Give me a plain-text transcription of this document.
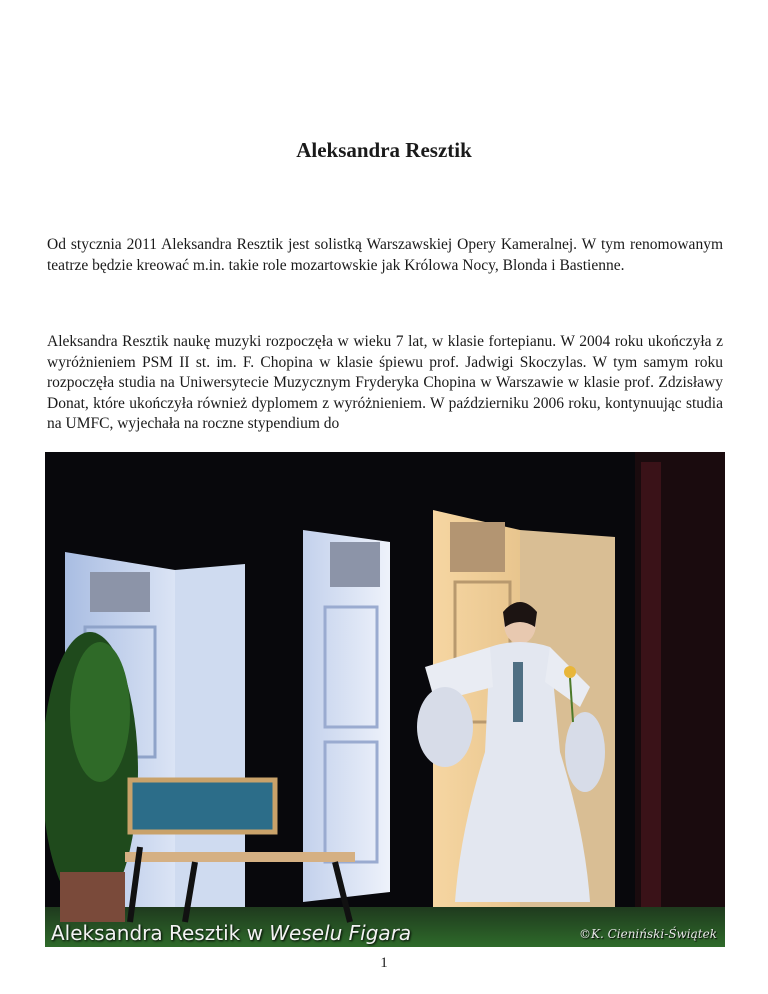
Aleksandra Resztik

Od stycznia 2011 Aleksandra Resztik jest solistką Warszawskiej Opery Kameralnej. W tym renomowanym teatrze będzie kreować m.in. takie role mozartowskie jak Królowa Nocy, Blonda i Bastienne.

Aleksandra Resztik naukę muzyki rozpoczęła w wieku 7 lat, w klasie fortepianu. W 2004 roku ukończyła z wyróżnieniem PSM II st. im. F. Chopina w klasie śpiewu prof. Jadwigi Skoczylas. W tym samym roku rozpoczęła studia na Uniwersytecie Muzycznym Fryderyka Chopina w Warszawie w klasie prof. Zdzisławy Donat, które ukończyła również dyplomem z wyróżnieniem. W październiku 2006 roku, kontynuując studia na UMFC, wyjechała na roczne stypendium do

Aleksandra Resztik w Weselu Figara	©K. Cieniński-Świątek

1
